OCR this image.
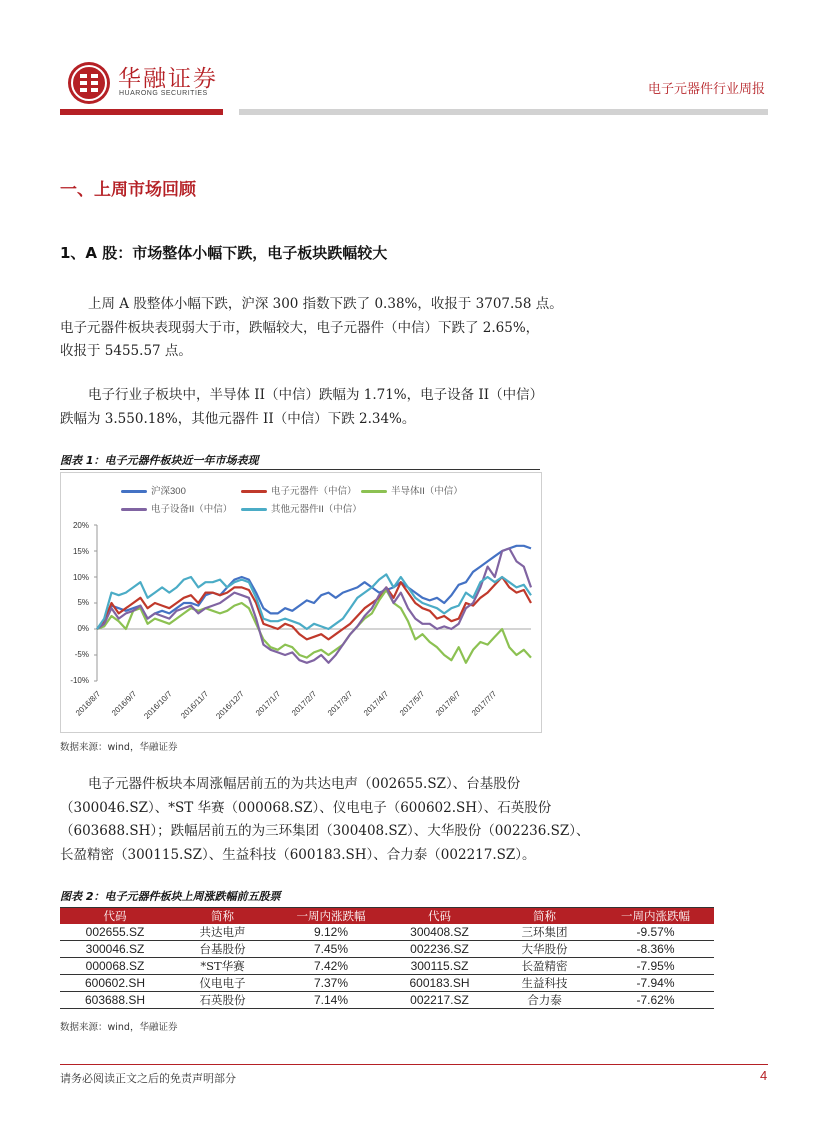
华融证券
HUARONG SECURITIES	电子元器件行业周报
一、上周市场回顾
1、A 股：市场整体小幅下跌，电子板块跌幅较大
上周 A 股整体小幅下跌，沪深 300 指数下跌了 0.38%，收报于 3707.58 点。
电子元器件板块表现弱大于市，跌幅较大，电子元器件（中信）下跌了 2.65%，
收报于 5455.57 点。
电子行业子板块中，半导体 II（中信）跌幅为 1.71%，电子设备 II（中信）
跌幅为 3.550.18%，其他元器件 II（中信）下跌 2.34%。
图表 1：电子元器件板块近一年市场表现
沪深300	电子元器件（中信）	半导体II（中信）
电子设备II（中信）	其他元器件II（中信）
20%
15%
10%
5%
0%
-5%
-10%
2016/8/7 2016/9/7 2016/10/7 2016/11/7 2016/12/7 2017/1/7 2017/2/7 2017/3/7 2017/4/7 2017/5/7 2017/6/7 2017/7/7
数据来源：wind，华融证券
电子元器件板块本周涨幅居前五的为共达电声（002655.SZ）、台基股份
（300046.SZ）、*ST 华赛（000068.SZ）、仪电电子（600602.SH）、石英股份
（603688.SH）；跌幅居前五的为三环集团（300408.SZ）、大华股份（002236.SZ）、
长盈精密（300115.SZ）、生益科技（600183.SH）、合力泰（002217.SZ）。
图表 2：电子元器件板块上周涨跌幅前五股票
代码	简称	一周内涨跌幅	代码	简称	一周内涨跌幅
002655.SZ	共达电声	9.12%	300408.SZ	三环集团	-9.57%
300046.SZ	台基股份	7.45%	002236.SZ	大华股份	-8.36%
000068.SZ	*ST华赛	7.42%	300115.SZ	长盈精密	-7.95%
600602.SH	仪电电子	7.37%	600183.SH	生益科技	-7.94%
603688.SH	石英股份	7.14%	002217.SZ	合力泰	-7.62%
数据来源：wind，华融证券
请务必阅读正文之后的免责声明部分	4
